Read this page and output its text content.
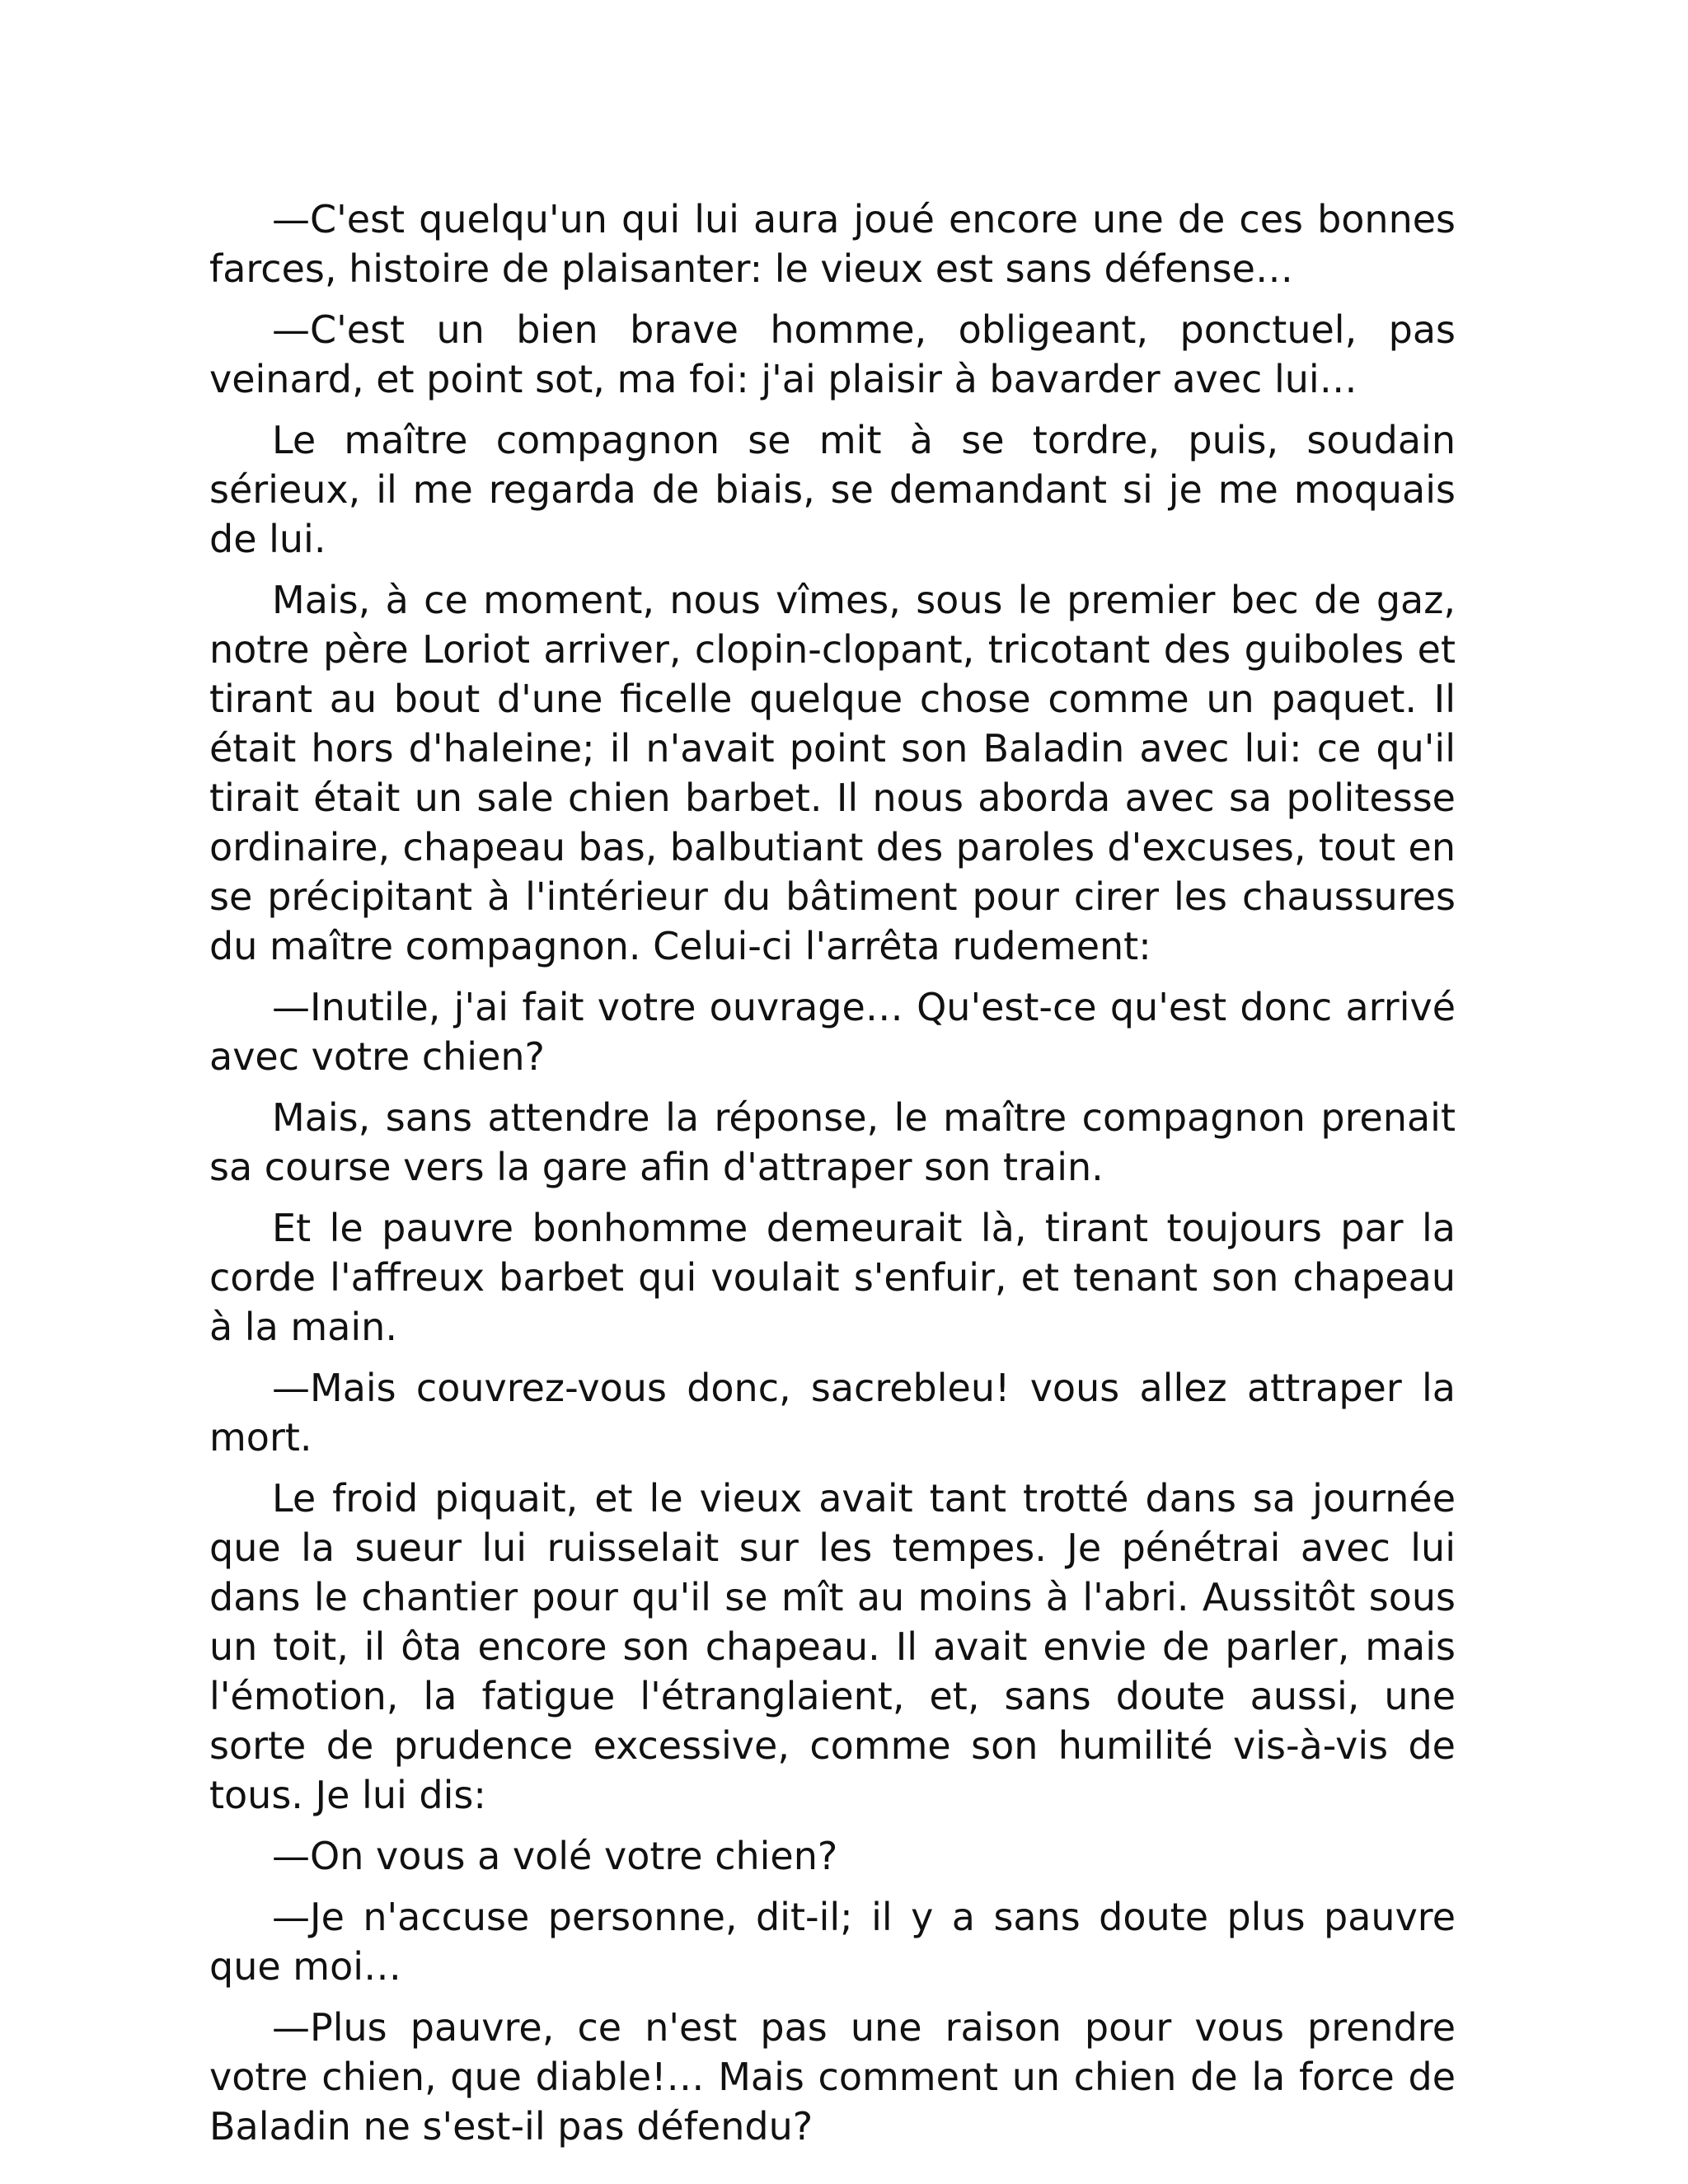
—C'est quelqu'un qui lui aura joué encore une de ces bonnes farces, histoire de plaisanter: le vieux est sans défense…

—C'est un bien brave homme, obligeant, ponctuel, pas veinard, et point sot, ma foi: j'ai plaisir à bavarder avec lui…

Le maître compagnon se mit à se tordre, puis, soudain sérieux, il me regarda de biais, se demandant si je me moquais de lui.

Mais, à ce moment, nous vîmes, sous le premier bec de gaz, notre père Loriot arriver, clopin-clopant, tricotant des guiboles et tirant au bout d'une ficelle quelque chose comme un paquet. Il était hors d'haleine; il n'avait point son Baladin avec lui: ce qu'il tirait était un sale chien barbet. Il nous aborda avec sa politesse ordinaire, chapeau bas, balbutiant des paroles d'excuses, tout en se précipitant à l'intérieur du bâtiment pour cirer les chaussures du maître compagnon. Celui-ci l'arrêta rudement:

—Inutile, j'ai fait votre ouvrage… Qu'est-ce qu'est donc arrivé avec votre chien?

Mais, sans attendre la réponse, le maître compagnon prenait sa course vers la gare afin d'attraper son train.

Et le pauvre bonhomme demeurait là, tirant toujours par la corde l'affreux barbet qui voulait s'enfuir, et tenant son chapeau à la main.

—Mais couvrez-vous donc, sacrebleu! vous allez attraper la mort.

Le froid piquait, et le vieux avait tant trotté dans sa journée que la sueur lui ruisselait sur les tempes. Je pénétrai avec lui dans le chantier pour qu'il se mît au moins à l'abri. Aussitôt sous un toit, il ôta encore son chapeau. Il avait envie de parler, mais l'émotion, la fatigue l'étranglaient, et, sans doute aussi, une sorte de prudence excessive, comme son humilité vis-à-vis de tous. Je lui dis:

—On vous a volé votre chien?

—Je n'accuse personne, dit-il; il y a sans doute plus pauvre que moi…

—Plus pauvre, ce n'est pas une raison pour vous prendre votre chien, que diable!… Mais comment un chien de la force de Baladin ne s'est-il pas défendu?
